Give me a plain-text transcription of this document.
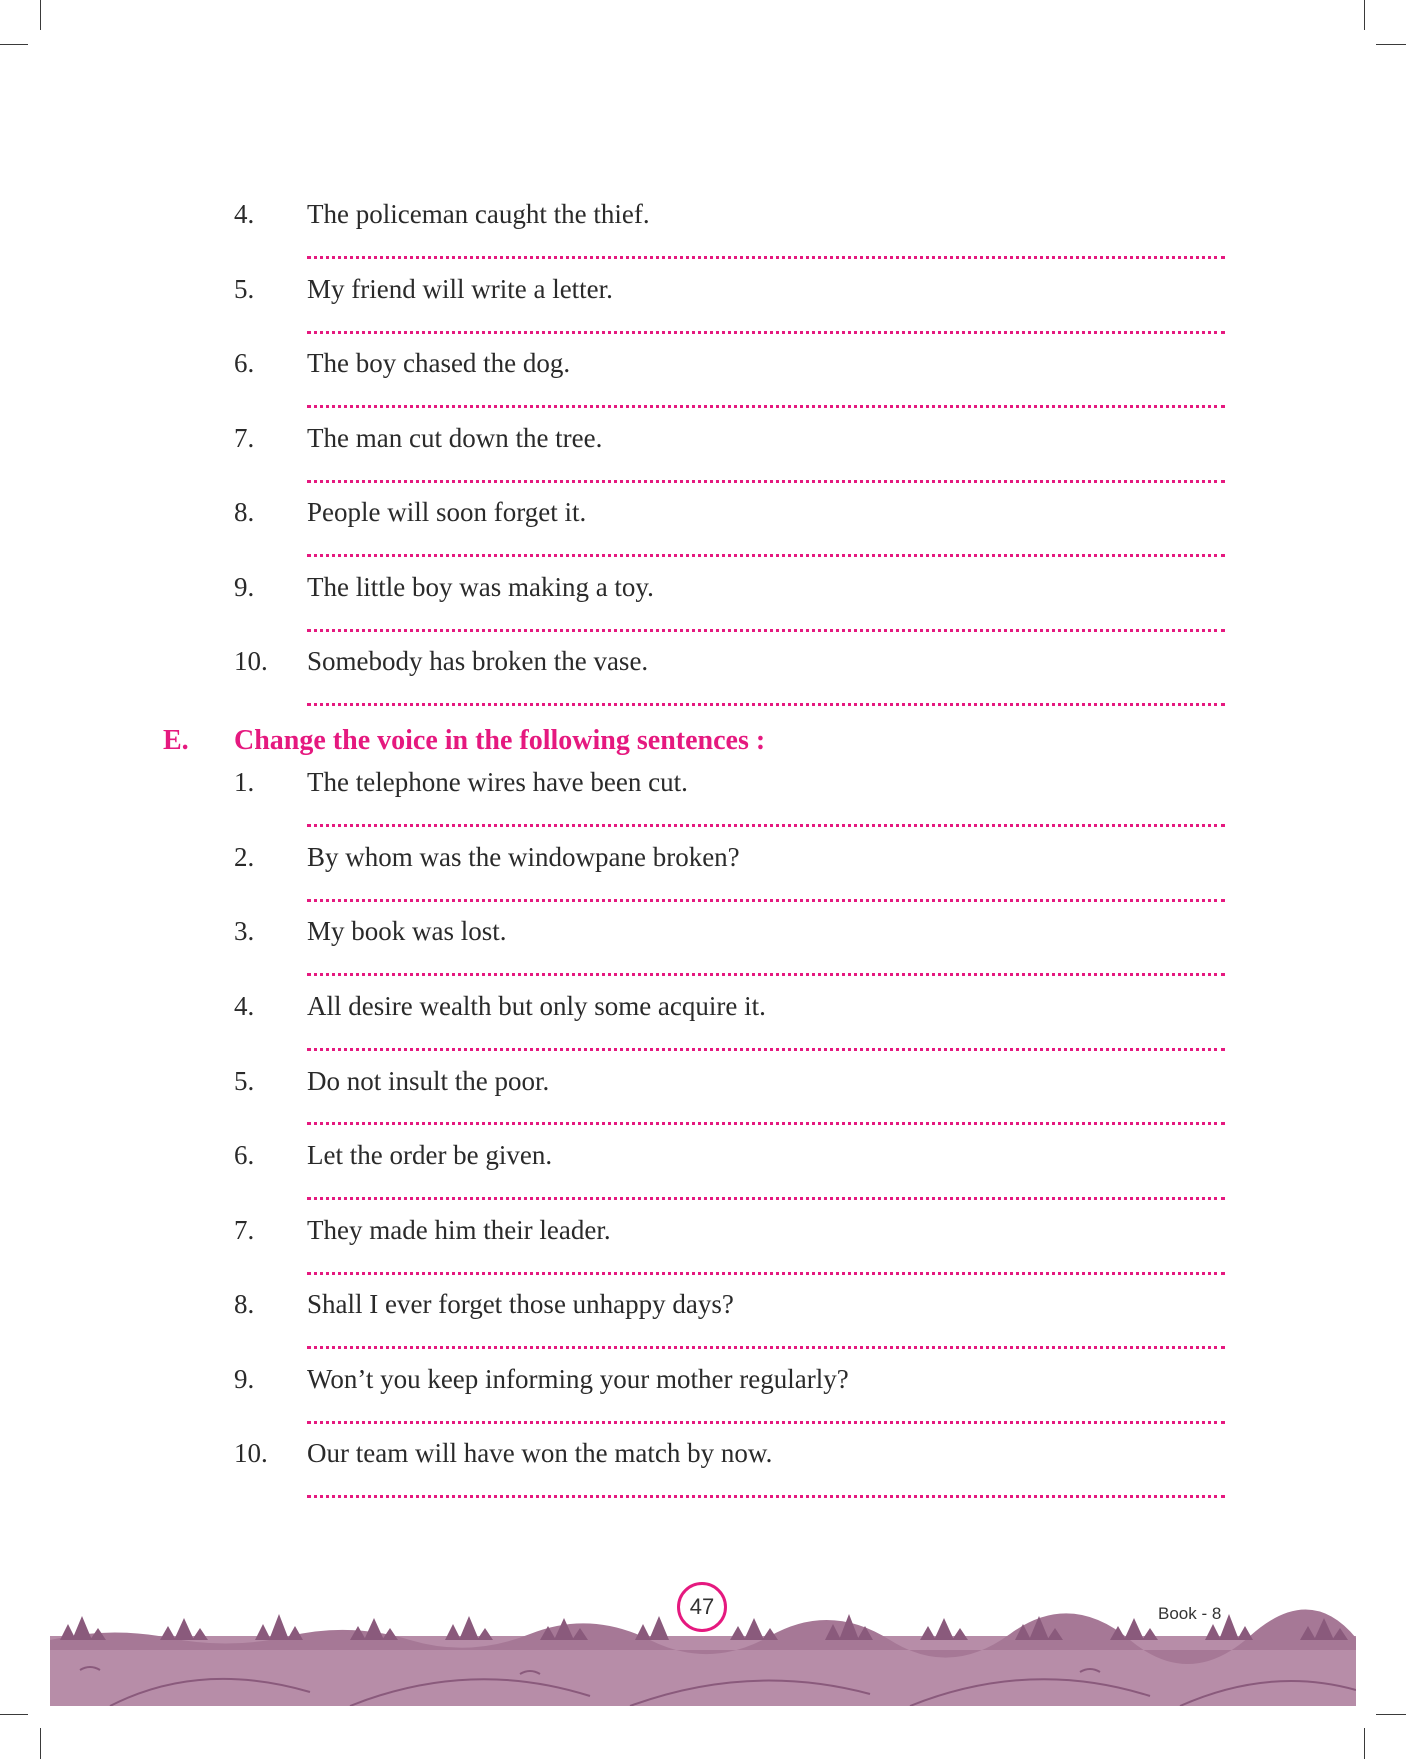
4. The policeman caught the thief.
5. My friend will write a letter.
6. The boy chased the dog.
7. The man cut down the tree.
8. People will soon forget it.
9. The little boy was making a toy.
10. Somebody has broken the vase.
E. Change the voice in the following sentences :
1. The telephone wires have been cut.
2. By whom was the windowpane broken?
3. My book was lost.
4. All desire wealth but only some acquire it.
5. Do not insult the poor.
6. Let the order be given.
7. They made him their leader.
8. Shall I ever forget those unhappy days?
9. Won’t you keep informing your mother regularly?
10. Our team will have won the match by now.
47	Book - 8
